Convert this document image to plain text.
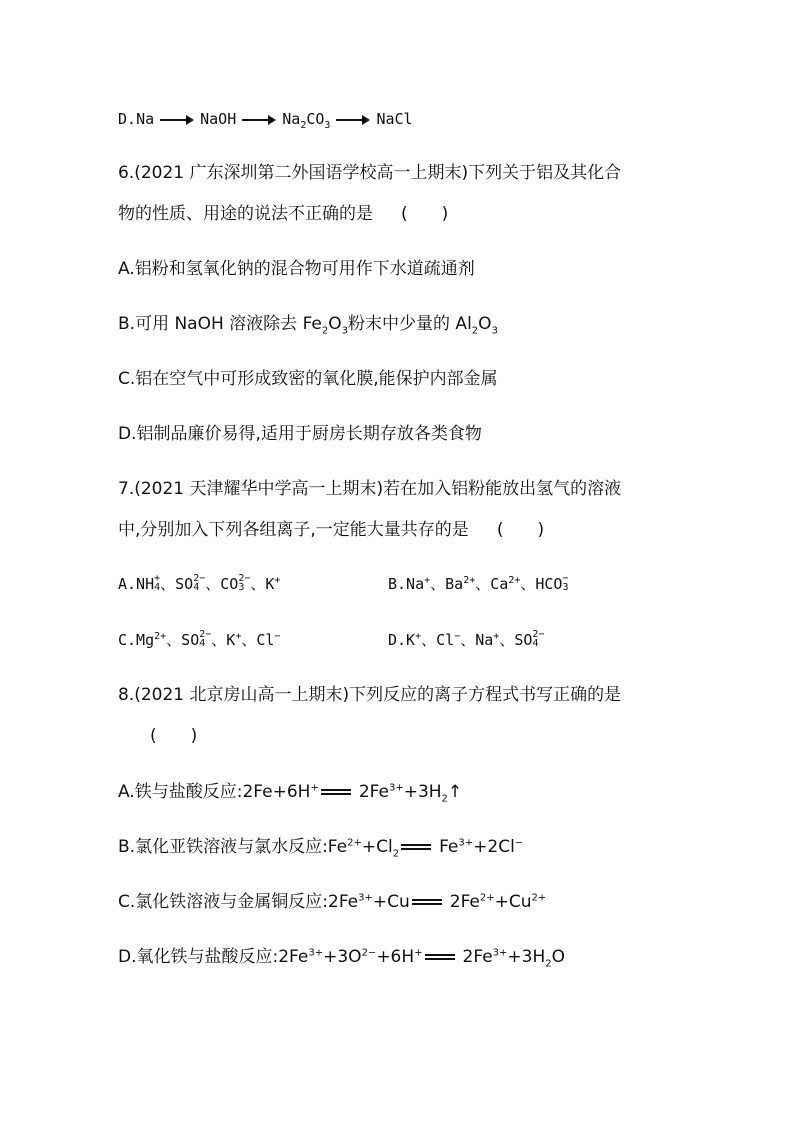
D.Na	NaOH	$Na_2CO_3$	NaCl
6.(2021 广东深圳第二外国语学校高一上期末)下列关于铝及其化合
物的性质、用途的说法不正确的是 (　　)
A.铝粉和氢氧化钠的混合物可用作下水道疏通剂
B.可用 NaOH 溶液除去 $Fe_2O_3$粉末中少量的 $Al_2O_3$
C.铝在空气中可形成致密的氧化膜,能保护内部金属
D.铝制品廉价易得,适用于厨房长期存放各类食物
7.(2021 天津耀华中学高一上期末)若在加入铝粉能放出氢气的溶液
中,分别加入下列各组离子,一定能大量共存的是 (　　)
A.NH +
4 、SO 2−
4 、CO 2−
3 、K+	B.Na+、$Ba^{2+}$、$Ca^{2+}$、HCO −
3
$C.Mg^{2+}$、SO 2−
4 、K+、Cl−	D.K+、Cl−、Na+、SO 2−
4
8.(2021 北京房山高一上期末)下列反应的离子方程式书写正确的是
(　　)
A.铁与盐酸反应:2Fe+6H+ $2Fe^{3+}+3H_2↑$
B.氯化亚铁溶液与氯水反应$:Fe^{2+}+Cl_2$ $Fe^{3+}+2Cl^-$
C.氯化铁溶液与金属铜反应$:2Fe^{3+}+Cu$ $2Fe^{2+}+Cu^{2+}$
D.氧化铁与盐酸反应$:2Fe^{3+}+3O^{2-}+6H^+$ $2Fe^{3+}+3H_2O$
